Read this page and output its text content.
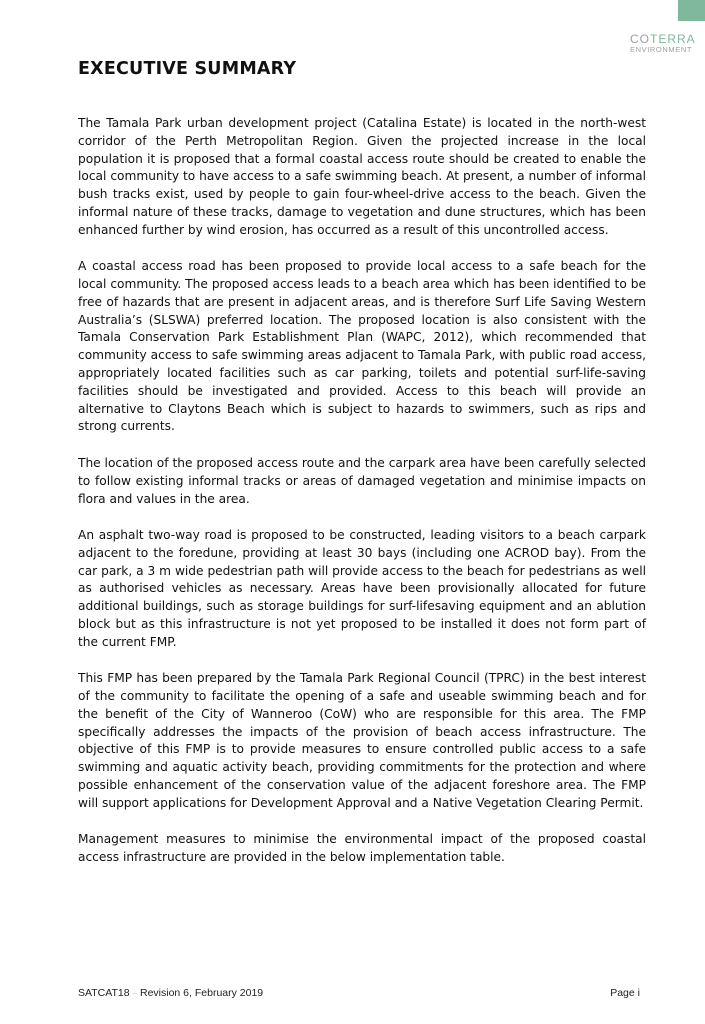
COTERRA
ENVIRONMENT
EXECUTIVE SUMMARY

The Tamala Park urban development project (Catalina Estate) is located in the north-west corridor of the Perth Metropolitan Region. Given the projected increase in the local population it is proposed that a formal coastal access route should be created to enable the local community to have access to a safe swimming beach. At present, a number of informal bush tracks exist, used by people to gain four-wheel-drive access to the beach. Given the informal nature of these tracks, damage to vegetation and dune structures, which has been enhanced further by wind erosion, has occurred as a result of this uncontrolled access.

A coastal access road has been proposed to provide local access to a safe beach for the local community. The proposed access leads to a beach area which has been identified to be free of hazards that are present in adjacent areas, and is therefore Surf Life Saving Western Australia’s (SLSWA) preferred location. The proposed location is also consistent with the Tamala Conservation Park Establishment Plan (WAPC, 2012), which recommended that community access to safe swimming areas adjacent to Tamala Park, with public road access, appropriately located facilities such as car parking, toilets and potential surf-life-saving facilities should be investigated and provided. Access to this beach will provide an alternative to Claytons Beach which is subject to hazards to swimmers, such as rips and strong currents.

The location of the proposed access route and the carpark area have been carefully selected to follow existing informal tracks or areas of damaged vegetation and minimise impacts on flora and values in the area.

An asphalt two-way road is proposed to be constructed, leading visitors to a beach carpark adjacent to the foredune, providing at least 30 bays (including one ACROD bay). From the car park, a 3 m wide pedestrian path will provide access to the beach for pedestrians as well as authorised vehicles as necessary. Areas have been provisionally allocated for future additional buildings, such as storage buildings for surf-lifesaving equipment and an ablution block but as this infrastructure is not yet proposed to be installed it does not form part of the current FMP.

This FMP has been prepared by the Tamala Park Regional Council (TPRC) in the best interest of the community to facilitate the opening of a safe and useable swimming beach and for the benefit of the City of Wanneroo (CoW) who are responsible for this area. The FMP specifically addresses the impacts of the provision of beach access infrastructure. The objective of this FMP is to provide measures to ensure controlled public access to a safe swimming and aquatic activity beach, providing commitments for the protection and where possible enhancement of the conservation value of the adjacent foreshore area. The FMP will support applications for Development Approval and a Native Vegetation Clearing Permit.

Management measures to minimise the environmental impact of the proposed coastal access infrastructure are provided in the below implementation table.

SATCAT18 – Revision 6, February 2019	Page i
